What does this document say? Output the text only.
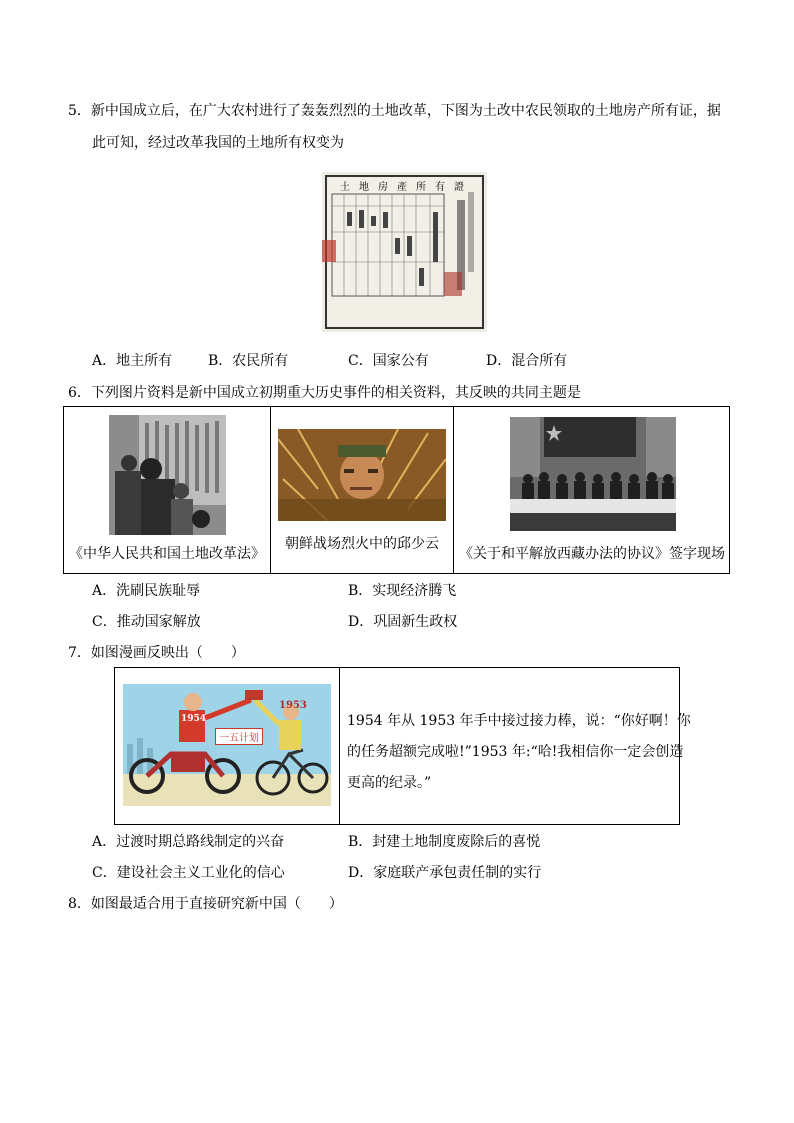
5．新中国成立后，在广大农村进行了轰轰烈烈的土地改革，下图为土改中农民领取的土地房产所有证，据
此可知，经过改革我国的土地所有权变为
土地房產所有證
A．地主所有	B．农民所有	C．国家公有	D．混合所有
6．下列图片资料是新中国成立初期重大历史事件的相关资料，其反映的共同主题是
《中华人民共和国土地改革法》
朝鲜战场烈火中的邱少云
《关于和平解放西藏办法的协议》签字现场
A．洗刷民族耻辱	B．实现经济腾飞
C．推动国家解放	D．巩固新生政权
7．如图漫画反映出（　　）
1954
1953
一五计划
1954 年从 1953 年手中接过接力棒，说：“你好啊！你
的任务超额完成啦!”1953 年:“哈!我相信你一定会创造
更高的纪录。”
A．过渡时期总路线制定的兴奋	B．封建土地制度废除后的喜悦
C．建设社会主义工业化的信心	D．家庭联产承包责任制的实行
8．如图最适合用于直接研究新中国（　　）
